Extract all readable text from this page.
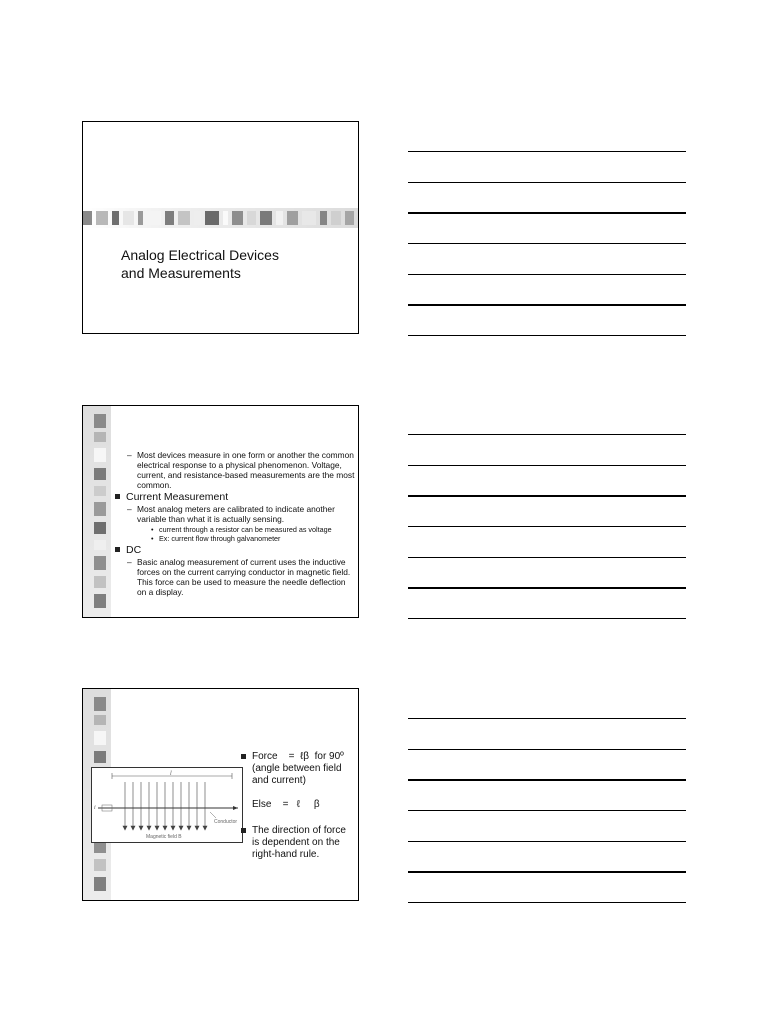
Analog Electrical Devices
and Measurements
– Most devices measure in one form or another the common electrical response to a physical phenomenon. Voltage, current, and resistance-based measurements are the most common.
Current Measurement
– Most analog meters are calibrated to indicate another variable than what it is actually sensing.
• current through a resistor can be measured as voltage
• Ex: current flow through galvanometer
DC
– Basic analog measurement of current uses the inductive forces on the current carrying conductor in magnetic field. This force can be used to measure the needle deflection on a display.
l
i
Conductor
Magnetic field B
Force    =  ℓβ  for 90º (angle between field and current)
Else    =   ℓ     β
The direction of force is dependent on the right-hand rule.
